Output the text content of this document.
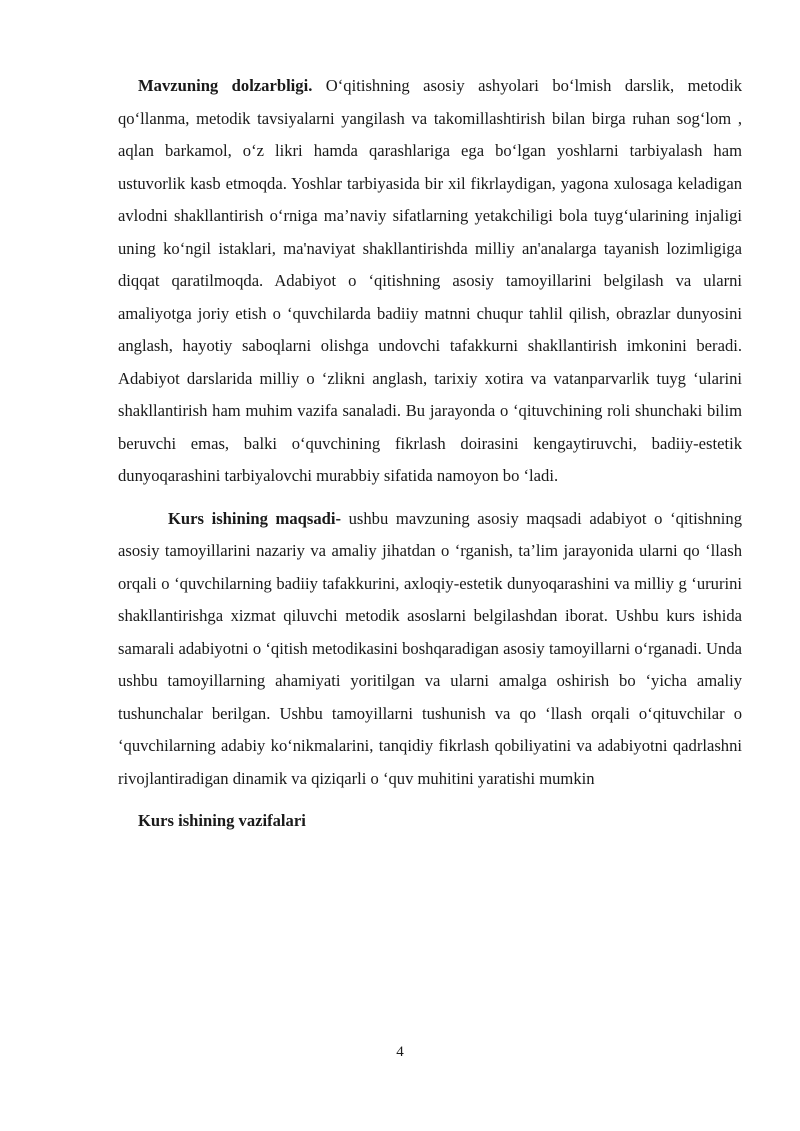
Mavzuning dolzarbligi. O‘qitishning asosiy ashyolari bo‘lmish darslik, metodik qo‘llanma, metodik tavsiyalarni yangilash va takomillashtirish bilan birga ruhan sog‘lom , aqlan barkamol, o‘z likri hamda qarashlariga ega bo‘lgan yoshlarni tarbiyalash ham ustuvorlik kasb etmoqda. Yoshlar tarbiyasida bir xil fikrlaydigan, yagona xulosaga keladigan avlodni shakllantirish o‘rniga ma’naviy sifatlarning yetakchiligi bola tuyg‘ularining injaligi uning ko‘ngil istaklari, ma'naviyat shakllantirishda milliy an'analarga tayanish lozimligiga diqqat qaratilmoqda. Adabiyot o ‘qitishning asosiy tamoyillarini belgilash va ularni amaliyotga joriy etish o ‘quvchilarda badiiy matnni chuqur tahlil qilish, obrazlar dunyosini anglash, hayotiy saboqlarni olishga undovchi tafakkurni shakllantirish imkonini beradi. Adabiyot darslarida milliy o ‘zlikni anglash, tarixiy xotira va vatanparvarlik tuyg ‘ularini shakllantirish ham muhim vazifa sanaladi. Bu jarayonda o ‘qituvchining roli shunchaki bilim beruvchi emas, balki o‘quvchining fikrlash doirasini kengaytiruvchi, badiiy-estetik dunyoqarashini tarbiyalovchi murabbiy sifatida namoyon bo ‘ladi.

Kurs ishining maqsadi- ushbu mavzuning asosiy maqsadi adabiyot o ‘qitishning asosiy tamoyillarini nazariy va amaliy jihatdan o ‘rganish, ta’lim jarayonida ularni qo ‘llash orqali o ‘quvchilarning badiiy tafakkurini, axloqiy-estetik dunyoqarashini va milliy g ‘ururini shakllantirishga xizmat qiluvchi metodik asoslarni belgilashdan iborat. Ushbu kurs ishida samarali adabiyotni o ‘qitish metodikasini boshqaradigan asosiy tamoyillarni o‘rganadi. Unda ushbu tamoyillarning ahamiyati yoritilgan va ularni amalga oshirish bo ‘yicha amaliy tushunchalar berilgan. Ushbu tamoyillarni tushunish va qo ‘llash orqali o‘qituvchilar o ‘quvchilarning adabiy ko‘nikmalarini, tanqidiy fikrlash qobiliyatini va adabiyotni qadrlashni rivojlantiradigan dinamik va qiziqarli o ‘quv muhitini yaratishi mumkin

Kurs ishining vazifalari

4
